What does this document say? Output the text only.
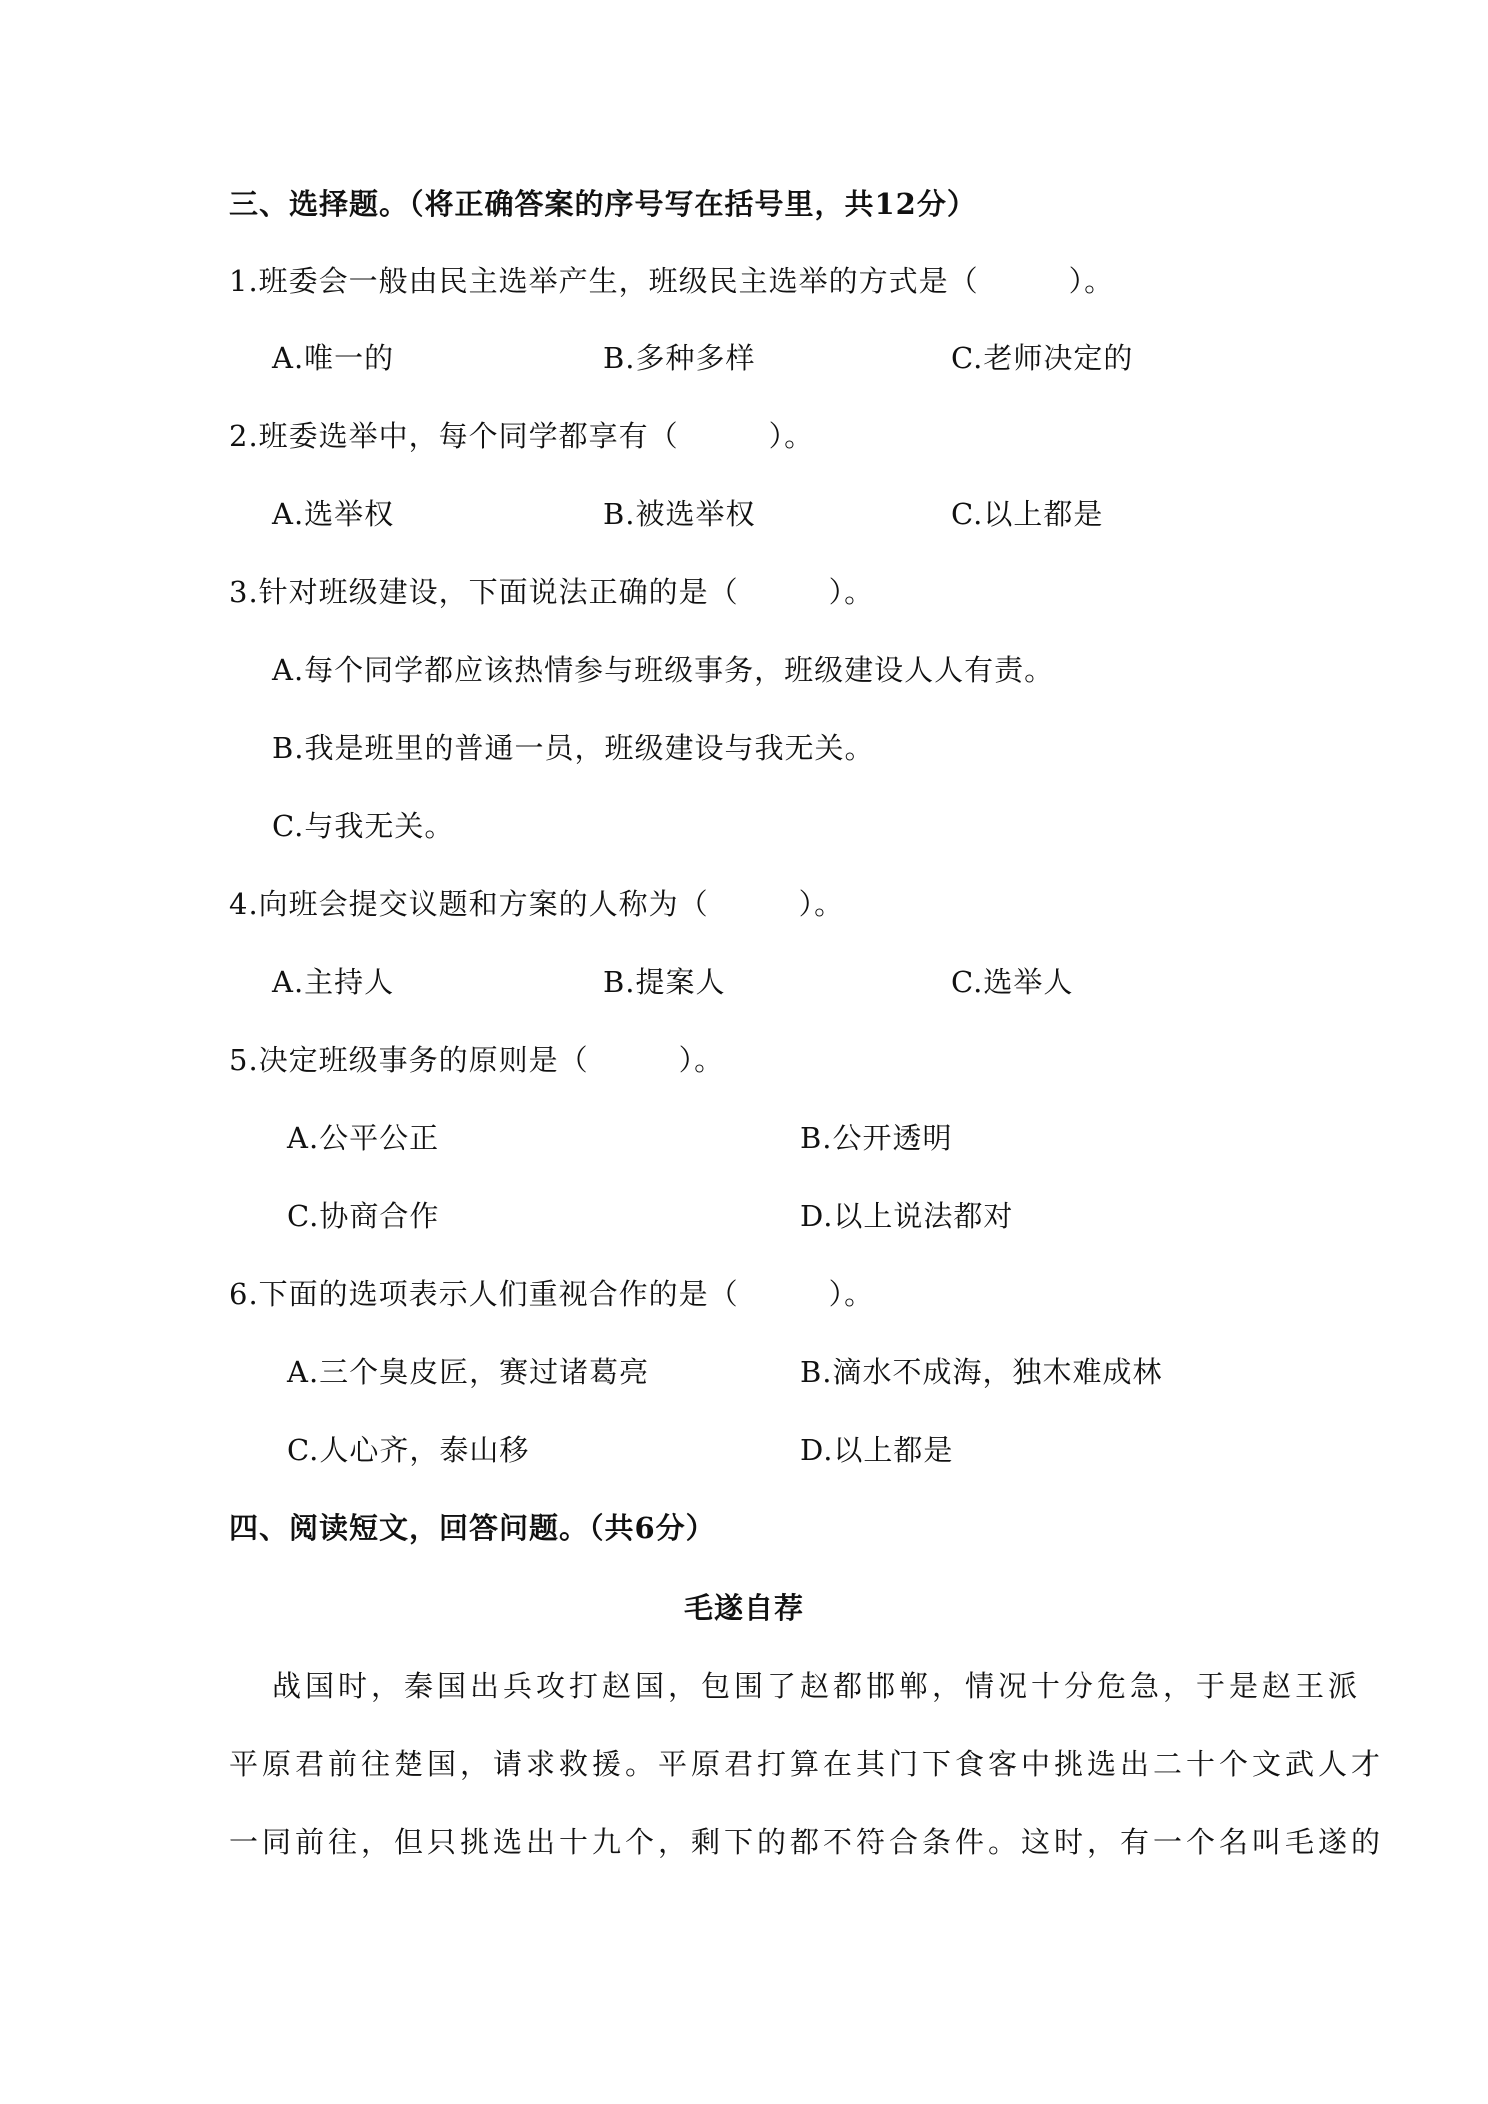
三、选择题。（将正确答案的序号写在括号里，共12分）
1.班委会一般由民主选举产生，班级民主选举的方式是（　　　）。
A.唯一的	B.多种多样	C.老师决定的
2.班委选举中，每个同学都享有（　　　）。
A.选举权	B.被选举权	C.以上都是
3.针对班级建设，下面说法正确的是（　　　）。
A.每个同学都应该热情参与班级事务，班级建设人人有责。
B.我是班里的普通一员，班级建设与我无关。
C.与我无关。
4.向班会提交议题和方案的人称为（　　　）。
A.主持人	B.提案人	C.选举人
5.决定班级事务的原则是（　　　）。
A.公平公正	B.公开透明
C.协商合作	D.以上说法都对
6.下面的选项表示人们重视合作的是（　　　）。
A.三个臭皮匠，赛过诸葛亮	B.滴水不成海，独木难成林
C.人心齐，泰山移	D.以上都是
四、阅读短文，回答问题。（共6分）
毛遂自荐
战国时，秦国出兵攻打赵国，包围了赵都邯郸，情况十分危急，于是赵王派
平原君前往楚国，请求救援。平原君打算在其门下食客中挑选出二十个文武人才
一同前往，但只挑选出十九个，剩下的都不符合条件。这时，有一个名叫毛遂的
